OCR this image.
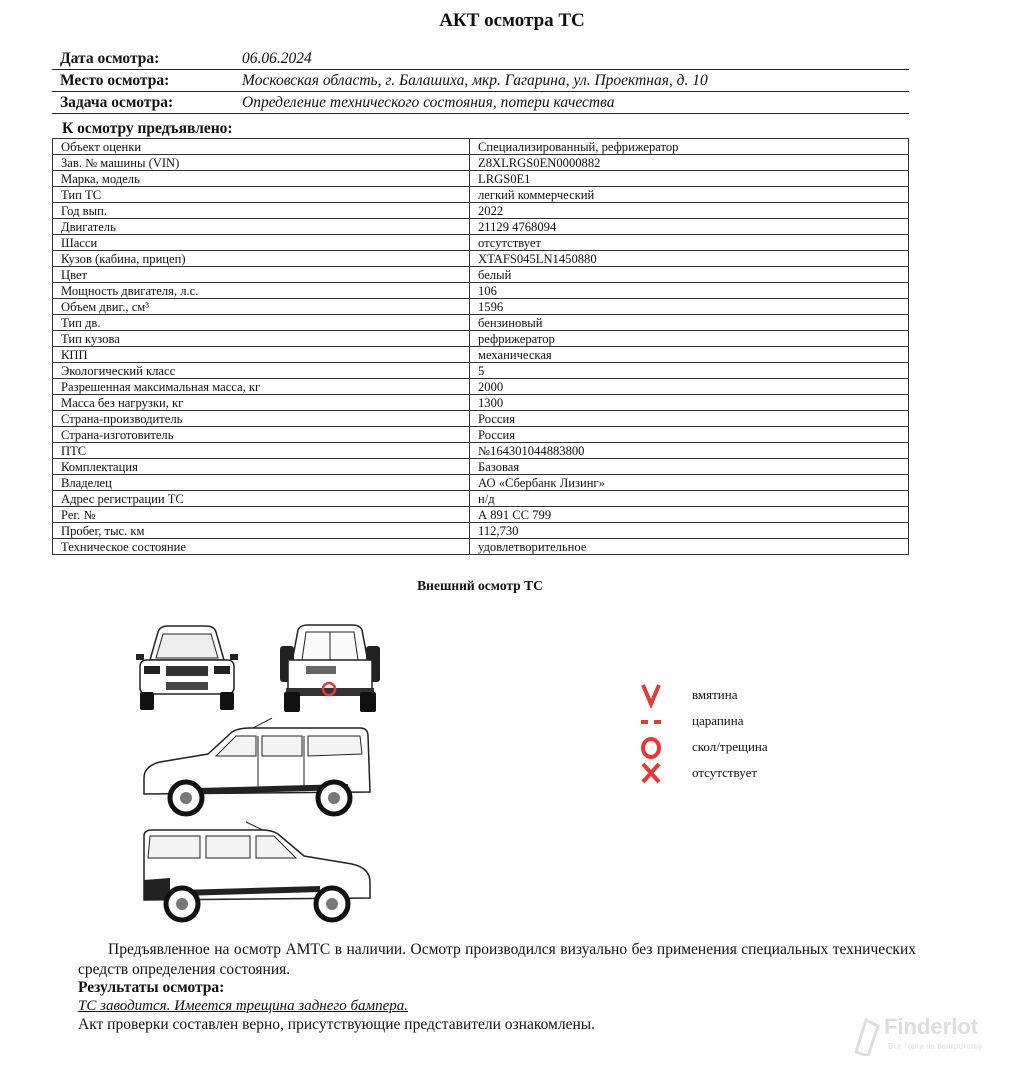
АКТ осмотра ТС
Дата осмотра:	06.06.2024
Место осмотра:	Московская область, г. Балашиха, мкр. Гагарина, ул. Проектная, д. 10
Задача осмотра:	Определение технического состояния, потери качества
К осмотру предъявлено:
Объект оценки	Специализированный, рефрижератор
Зав. № машины (VIN)	Z8XLRGS0EN0000882
Марка, модель	LRGS0E1
Тип ТС	легкий коммерческий
Год вып.	2022
Двигатель	21129 4768094
Шасси	отсутствует
Кузов (кабина, прицеп)	XTAFS045LN1450880
Цвет	белый
Мощность двигателя, л.с.	106
Объем двиг., см³	1596
Тип дв.	бензиновый
Тип кузова	рефрижератор
КПП	механическая
Экологический класс	5
Разрешенная максимальная масса, кг	2000
Масса без нагрузки, кг	1300
Страна-производитель	Россия
Страна-изготовитель	Россия
ПТС	№164301044883800
Комплектация	Базовая
Владелец	АО «Сбербанк Лизинг»
Адрес регистрации ТС	н/д
Рег. №	А 891 СС 799
Пробег, тыс. км	112,730
Техническое состояние	удовлетворительное
Внешний осмотр ТС
вмятина
царапина
скол/трещина
отсутствует
Предъявленное на осмотр АМТС в наличии. Осмотр производился визуально без применения специальных технических средств определения состояния.
Результаты осмотра:
ТС заводится. Имеется трещина заднего бампера.
Акт проверки составлен верно, присутствующие представители ознакомлены.	Finderlot
Все торги на банкротству
